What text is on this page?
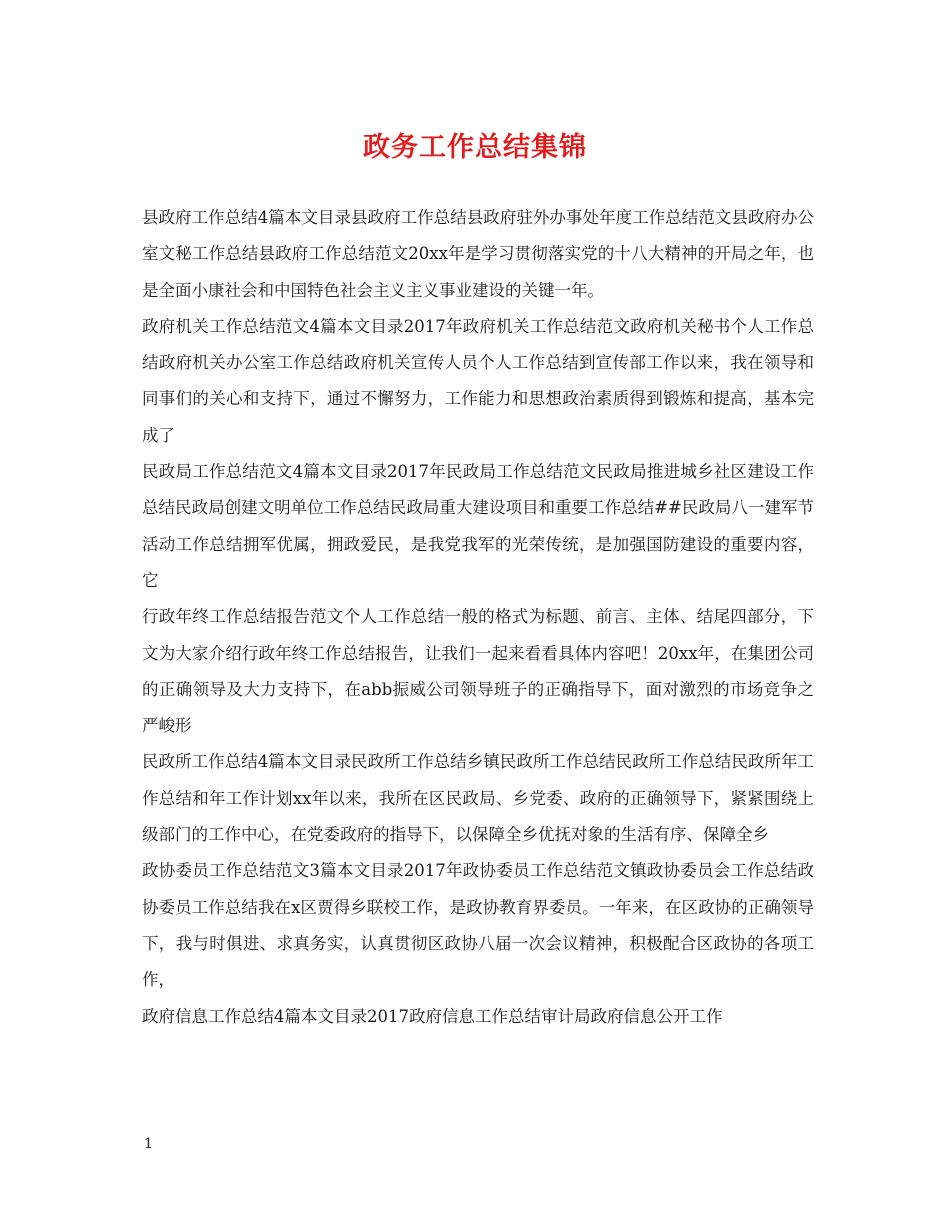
政务工作总结集锦

县政府工作总结4篇本文目录县政府工作总结县政府驻外办事处年度工作总结范文县政府办公室文秘工作总结县政府工作总结范文20xx年是学习贯彻落实党的十八大精神的开局之年，也是全面小康社会和中国特色社会主义主义事业建设的关键一年。

政府机关工作总结范文4篇本文目录2017年政府机关工作总结范文政府机关秘书个人工作总结政府机关办公室工作总结政府机关宣传人员个人工作总结到宣传部工作以来，我在领导和同事们的关心和支持下，通过不懈努力，工作能力和思想政治素质得到锻炼和提高，基本完成了

民政局工作总结范文4篇本文目录2017年民政局工作总结范文民政局推进城乡社区建设工作总结民政局创建文明单位工作总结民政局重大建设项目和重要工作总结##民政局八一建军节活动工作总结拥军优属，拥政爱民，是我党我军的光荣传统，是加强国防建设的重要内容，它

行政年终工作总结报告范文个人工作总结一般的格式为标题、前言、主体、结尾四部分，下文为大家介绍行政年终工作总结报告，让我们一起来看看具体内容吧！20xx年，在集团公司的正确领导及大力支持下，在abb振威公司领导班子的正确指导下，面对激烈的市场竞争之严峻形

民政所工作总结4篇本文目录民政所工作总结乡镇民政所工作总结民政所工作总结民政所年工作总结和年工作计划xx年以来，我所在区民政局、乡党委、政府的正确领导下，紧紧围绕上级部门的工作中心，在党委政府的指导下，以保障全乡优抚对象的生活有序、保障全乡

政协委员工作总结范文3篇本文目录2017年政协委员工作总结范文镇政协委员会工作总结政协委员工作总结我在x区贾得乡联校工作，是政协教育界委员。一年来，在区政协的正确领导下，我与时俱进、求真务实，认真贯彻区政协八届一次会议精神，积极配合区政协的各项工作，

政府信息工作总结4篇本文目录2017政府信息工作总结审计局政府信息公开工作

1
